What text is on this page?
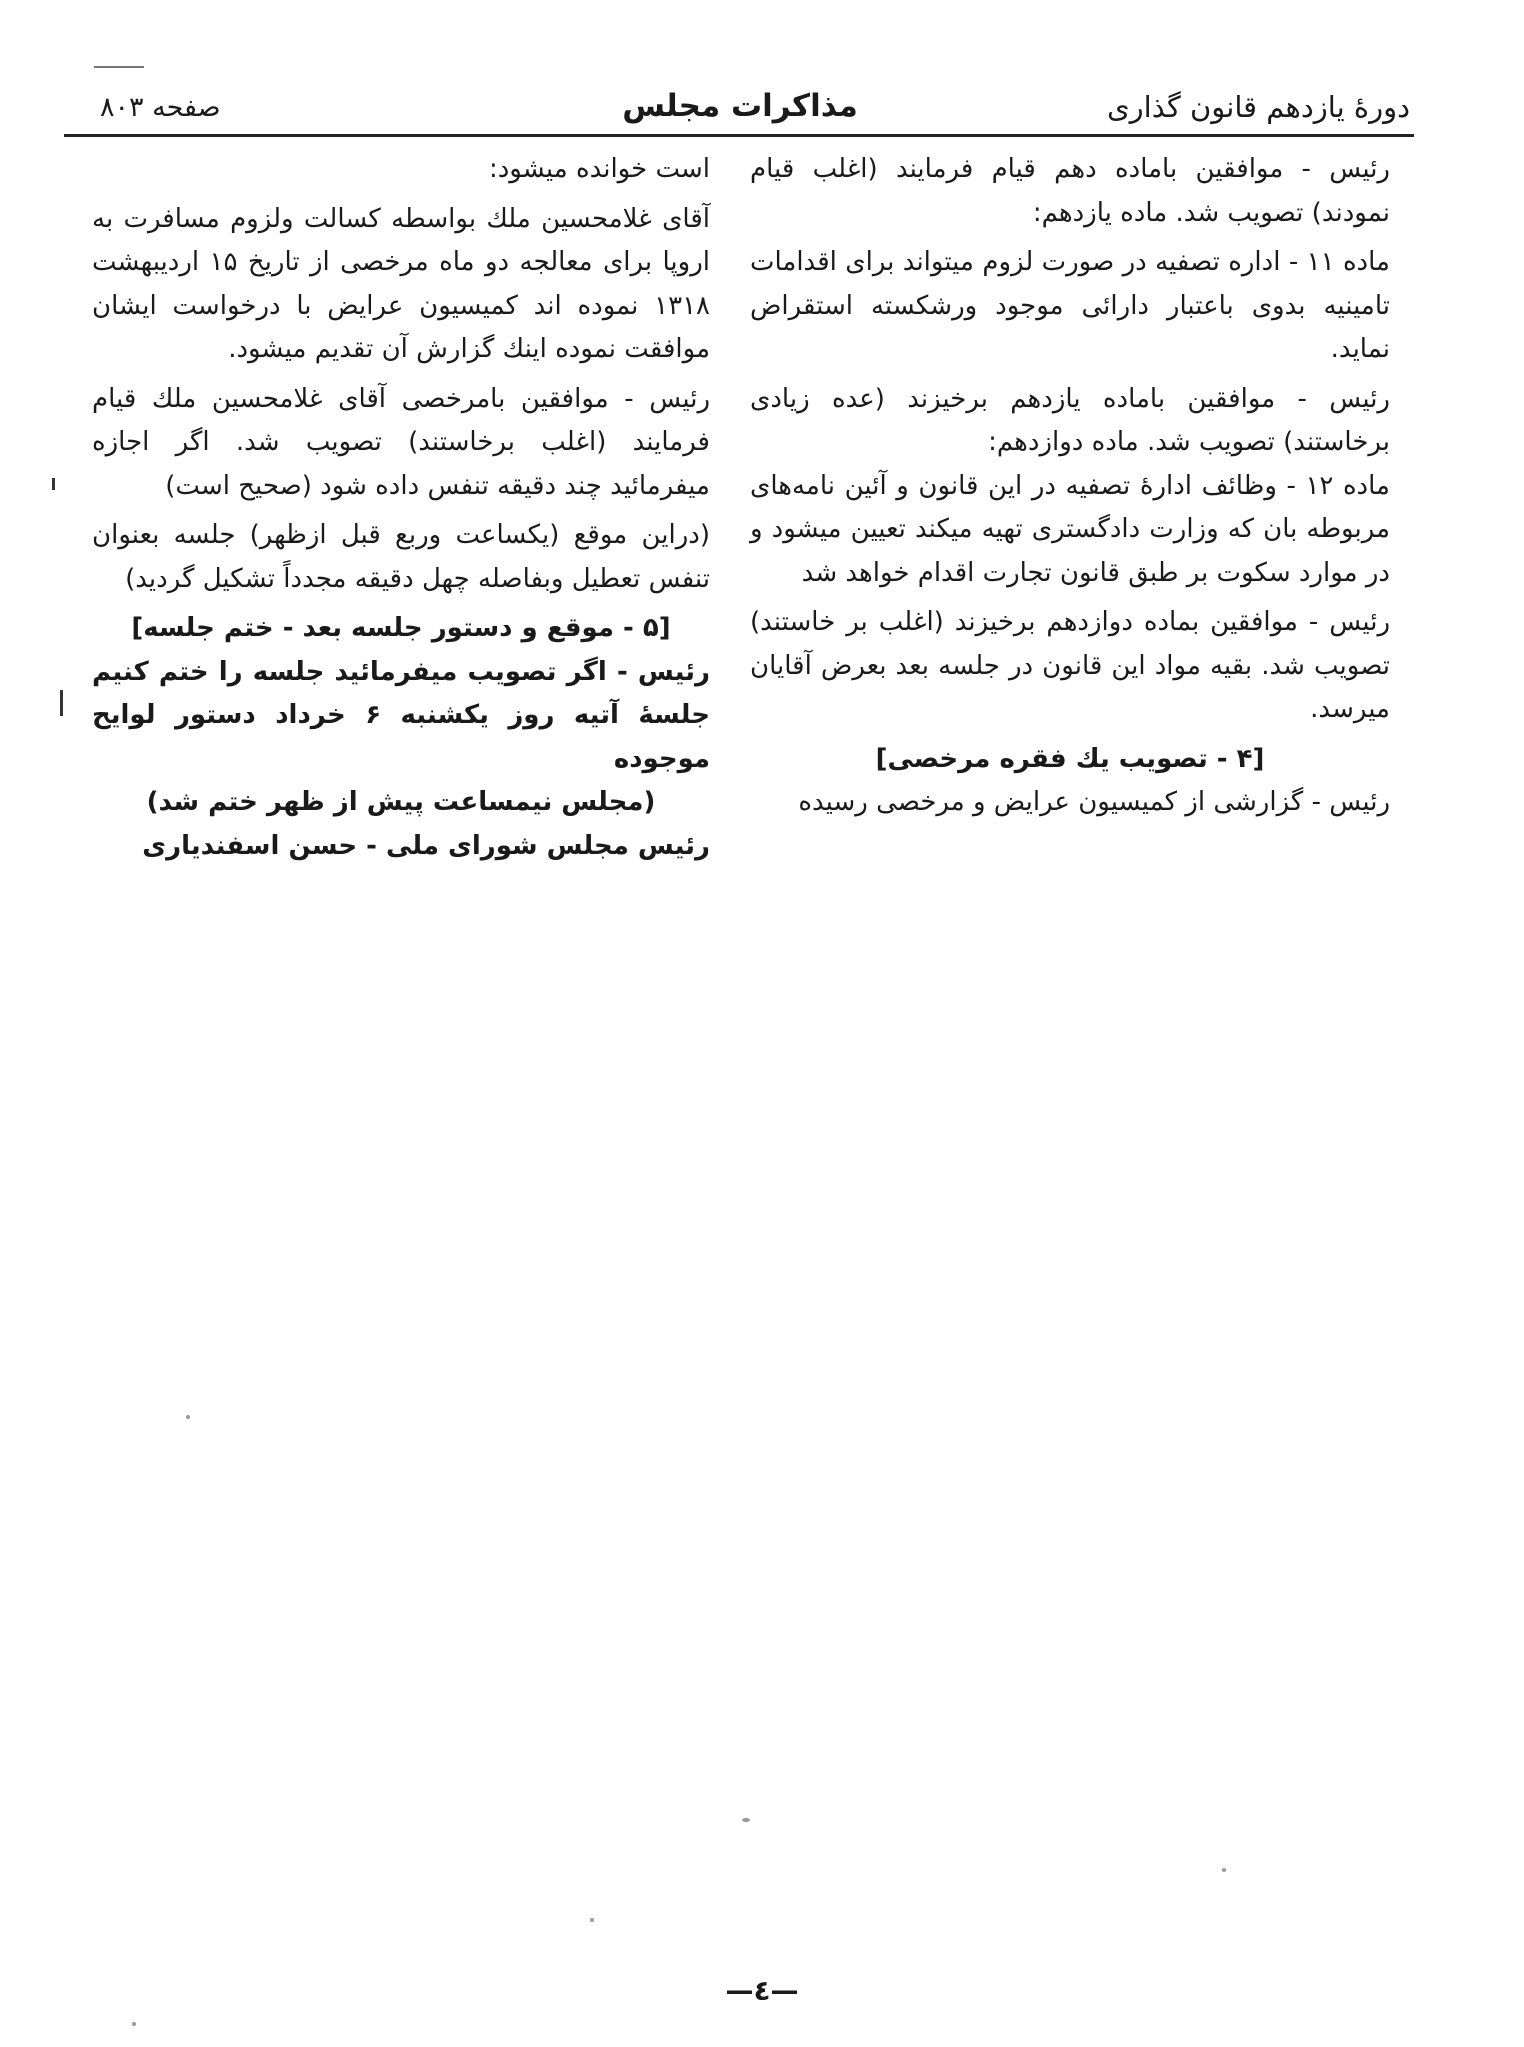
دورهٔ یازدهم قانون گذاری
مذاکرات مجلس
صفحه ۸۰۳

رئیس - موافقین باماده دهم قیام فرمایند (اغلب قیام نمودند) تصویب شد. ماده یازدهم:

ماده ۱۱ - اداره تصفیه در صورت لزوم میتواند برای اقدامات تامینیه بدوی باعتبار دارائی موجود ورشکسته استقراض نماید.

رئیس - موافقین باماده یازدهم برخیزند (عده زیادی برخاستند) تصویب شد. ماده دوازدهم:

ماده ۱۲ - وظائف ادارهٔ تصفیه در این قانون و آئین نامه‌های مربوطه بان که وزارت دادگستری تهیه میکند تعیین میشود و در موارد سکوت بر طبق قانون تجارت اقدام خواهد شد

رئیس - موافقین بماده دوازدهم برخیزند (اغلب بر خاستند) تصویب شد. بقیه مواد این قانون در جلسه بعد بعرض آقایان میرسد.

[۴ - تصویب یك فقره مرخصی]

رئیس - گزارشی از کمیسیون عرایض و مرخصی رسیده

است خوانده میشود:

آقای غلامحسین ملك بواسطه کسالت ولزوم مسافرت به اروپا برای معالجه دو ماه مرخصی از تاریخ ۱۵ اردیبهشت ۱۳۱۸ نموده اند کمیسیون عرایض با درخواست ایشان موافقت نموده اینك گزارش آن تقدیم میشود.

رئیس - موافقین بامرخصی آقای غلامحسین ملك قیام فرمایند (اغلب برخاستند) تصویب شد. اگر اجازه میفرمائید چند دقیقه تنفس داده شود (صحیح است)

(دراین موقع (یکساعت وربع قبل ازظهر) جلسه بعنوان تنفس تعطیل وبفاصله چهل دقیقه مجدداً تشکیل گردید)

[۵ - موقع و دستور جلسه بعد - ختم جلسه]

رئیس - اگر تصویب میفرمائید جلسه را ختم کنیم جلسهٔ آتیه روز یکشنبه ۶ خرداد دستور لوایح موجوده

(مجلس نیمساعت پیش از ظهر ختم شد)

رئیس مجلس شورای ملی - حسن اسفندیاری

—٤—
